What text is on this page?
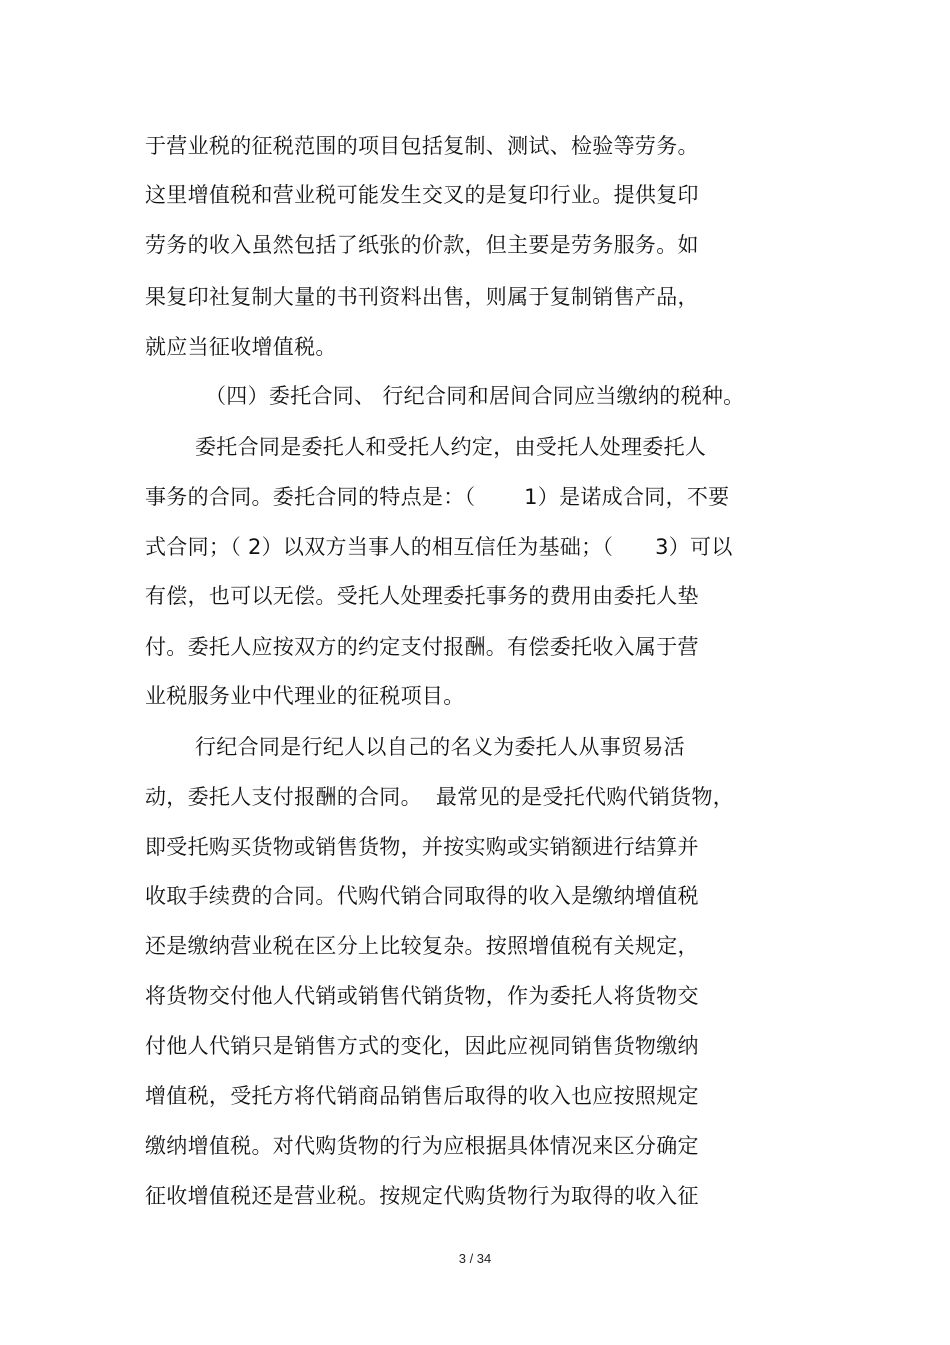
于营业税的征税范围的项目包括复制、测试、检验等劳务。
这里增值税和营业税可能发生交叉的是复印行业。提供复印
劳务的收入虽然包括了纸张的价款，但主要是劳务服务。如
果复印社复制大量的书刊资料出售，则属于复制销售产品，
就应当征收增值税。
（四）委托合同、 行纪合同和居间合同应当缴纳的税种。
委托合同是委托人和受托人约定，由受托人处理委托人
事务的合同。委托合同的特点是：（       1）是诺成合同，不要
式合同；（ 2）以双方当事人的相互信任为基础；（      3）可以
有偿，也可以无偿。受托人处理委托事务的费用由委托人垫
付。委托人应按双方的约定支付报酬。有偿委托收入属于营
业税服务业中代理业的征税项目。
行纪合同是行纪人以自己的名义为委托人从事贸易活
动，委托人支付报酬的合同。  最常见的是受托代购代销货物，
即受托购买货物或销售货物，并按实购或实销额进行结算并
收取手续费的合同。代购代销合同取得的收入是缴纳增值税
还是缴纳营业税在区分上比较复杂。按照增值税有关规定，
将货物交付他人代销或销售代销货物，作为委托人将货物交
付他人代销只是销售方式的变化，因此应视同销售货物缴纳
增值税，受托方将代销商品销售后取得的收入也应按照规定
缴纳增值税。对代购货物的行为应根据具体情况来区分确定
征收增值税还是营业税。按规定代购货物行为取得的收入征
3 / 34
